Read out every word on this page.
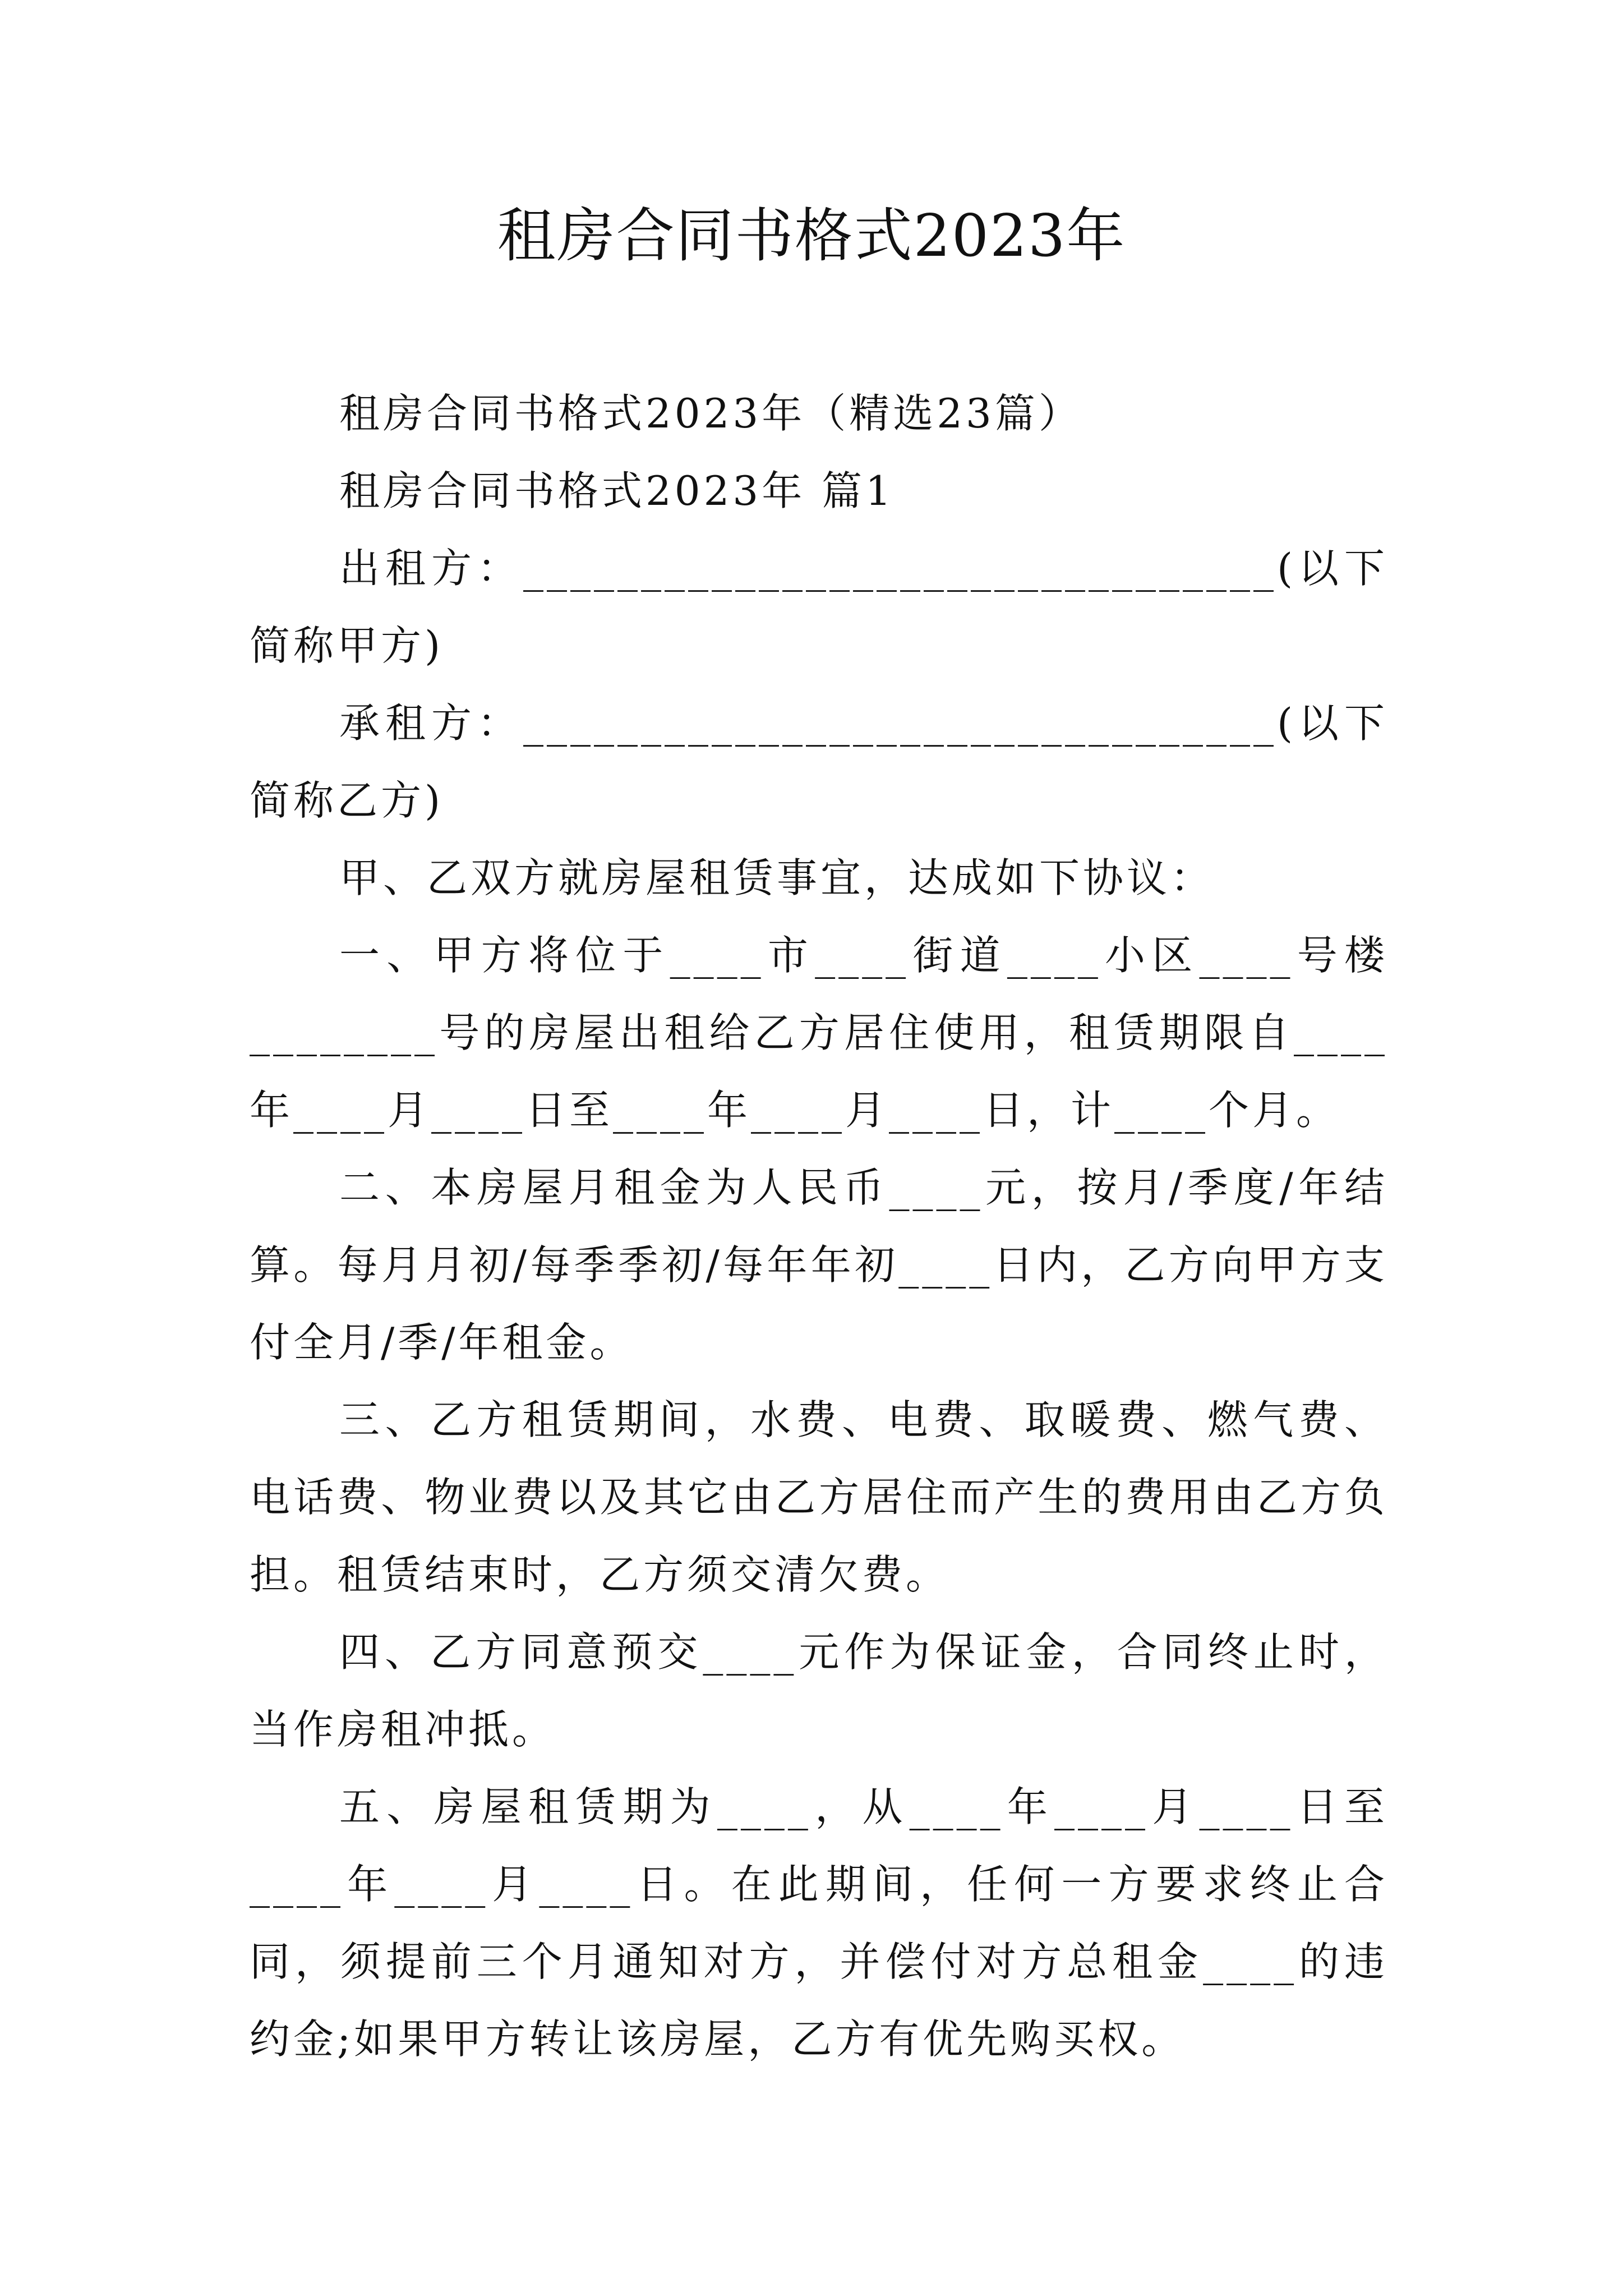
租房合同书格式2023年

租房合同书格式2023年（精选23篇）

租房合同书格式2023年 篇1

出租方：________________________________(以下简称甲方)

承租方：________________________________(以下简称乙方)

甲、乙双方就房屋租赁事宜，达成如下协议：

一、甲方将位于____市____街道____小区____号楼________号的房屋出租给乙方居住使用，租赁期限自____年____月____日至____年____月____日，计____个月。

二、本房屋月租金为人民币____元，按月/季度/年结算。每月月初/每季季初/每年年初____日内，乙方向甲方支付全月/季/年租金。

三、乙方租赁期间，水费、电费、取暖费、燃气费、电话费、物业费以及其它由乙方居住而产生的费用由乙方负担。租赁结束时，乙方须交清欠费。

四、乙方同意预交____元作为保证金，合同终止时，当作房租冲抵。

五、房屋租赁期为____，从____年____月____日至____年____月____日。在此期间，任何一方要求终止合同，须提前三个月通知对方，并偿付对方总租金____的违约金;如果甲方转让该房屋，乙方有优先购买权。
